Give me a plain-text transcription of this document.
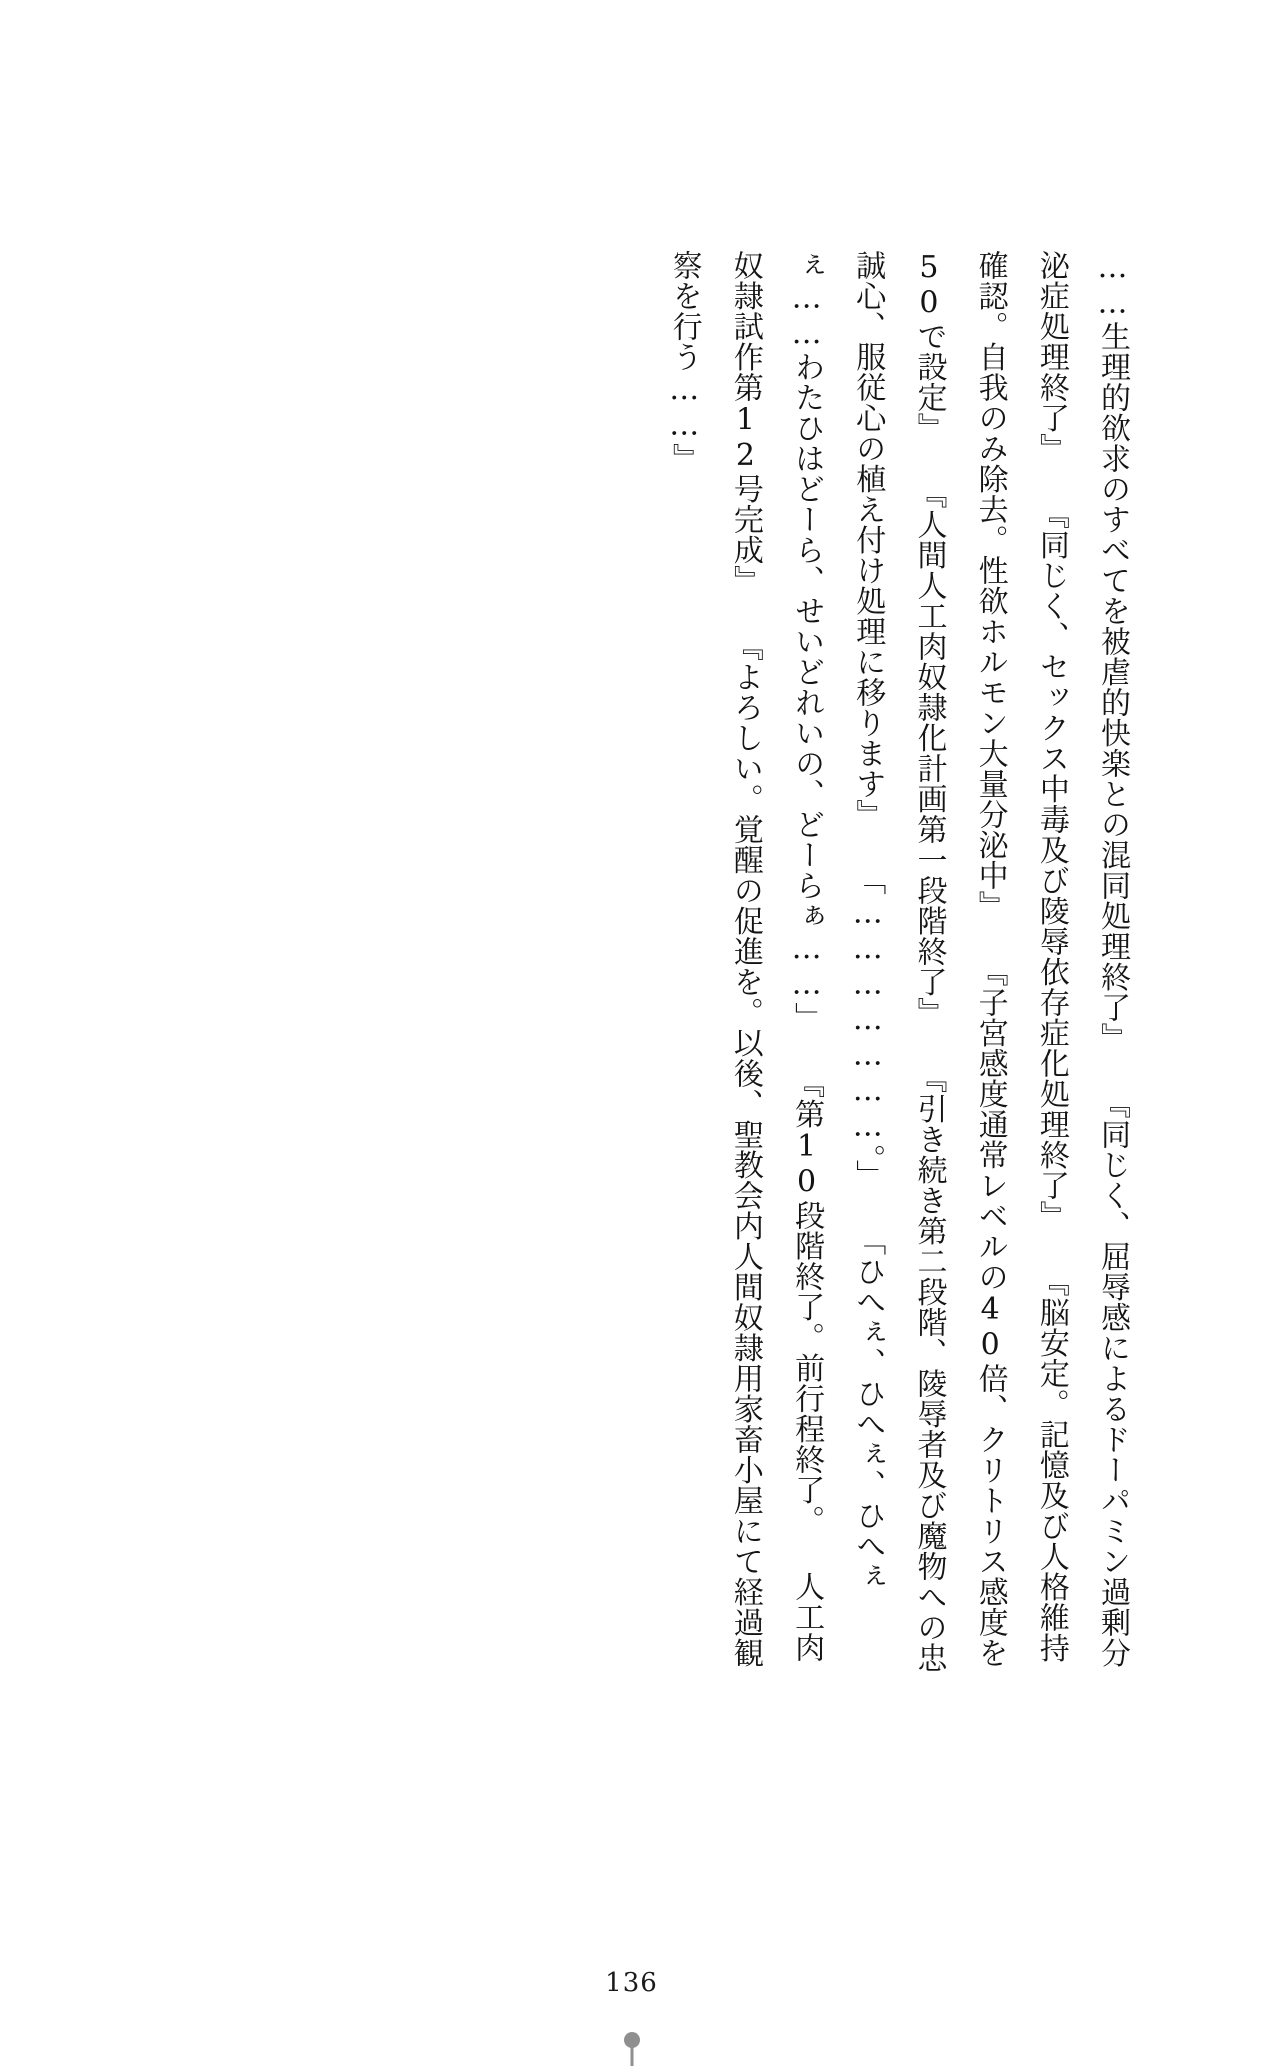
……生理的欲求のすべてを被虐的快楽との混同処理終了』 『同じく、屈辱感によるドーパミン過剰分泌症処理終了』 『同じく、セックス中毒及び陵辱依存症化処理終了』 『脳安定。記憶及び人格維持確認。自我のみ除去。性欲ホルモン大量分泌中』 『子宮感度通常レベルの40倍、クリトリス感度を50で設定』 『人間人工肉奴隷化計画第一段階終了』 『引き続き第二段階、陵辱者及び魔物への忠誠心、服従心の植え付け処理に移ります』 「…………………。」 「ひへぇ、ひへぇ、ひへぇぇ……わたひはどーら、せいどれいの、どーらぁ……」 『第10段階終了。前行程終了。 人工肉奴隷試作第12号完成』 『よろしい。覚醒の促進を。以後、聖教会内人間奴隷用家畜小屋にて経過観察を行う……』
136
